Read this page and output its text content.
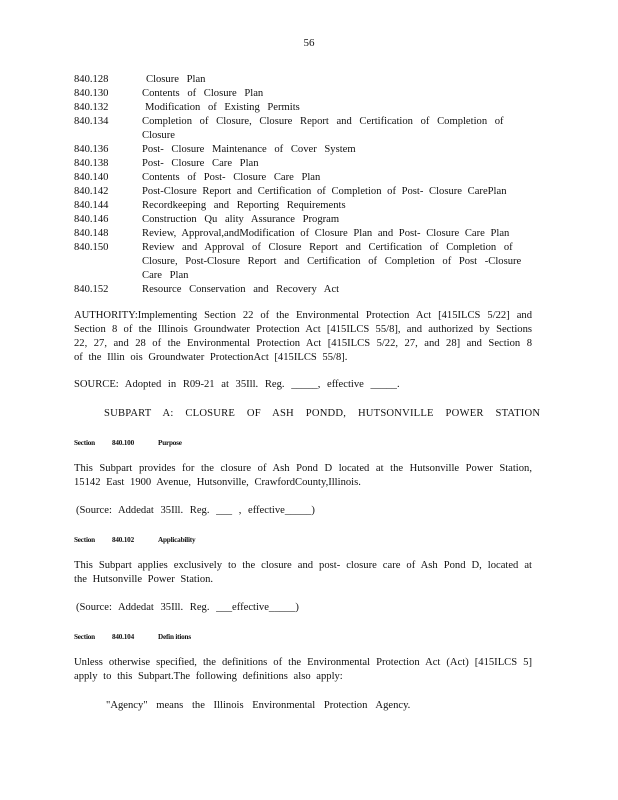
56
840.128	Closure Plan
840.130	Contents of Closure Plan
840.132	Modification of Existing Permits
840.134	Completion of Closure, Closure Report and Certification of Completion of Closure
840.136	Post- Closure Maintenance of Cover System
840.138	Post- Closure Care Plan
840.140	Contents of Post- Closure Care Plan
840.142	Post-Closure Report and Certification of Completion of Post- Closure CarePlan
840.144	Recordkeeping and Reporting Requirements
840.146	Construction Qu ality Assurance Program
840.148	Review, Approval,andModification of Closure Plan and Post- Closure Care Plan
840.150	Review and Approval of Closure Report and Certification of Completion of Closure, Post-Closure Report and Certification of Completion of Post -Closure Care Plan
840.152	Resource Conservation and Recovery Act
AUTHORITY:Implementing Section 22 of the Environmental Protection Act [415ILCS 5/22] and Section 8 of the Illinois Groundwater Protection Act [415ILCS 55/8], and authorized by Sections 22, 27, and 28 of the Environmental Protection Act [415ILCS 5/22, 27, and 28] and Section 8 of the Illin ois Groundwater ProtectionAct [415ILCS 55/8].
SOURCE: Adopted in R09-21 at 35Ill. Reg. _____, effective _____.
SUBPART A: CLOSURE OF ASH PONDD, HUTSONVILLE POWER STATION
Section 840.100	Purpose
This Subpart provides for the closure of Ash Pond D located at the Hutsonville Power Station, 15142 East 1900 Avenue, Hutsonville, CrawfordCounty,Illinois.
(Source: Addedat 35Ill. Reg. ___ , effective_____)
Section 840.102	Applicability
This Subpart applies exclusively to the closure and post- closure care of Ash Pond D, located at the Hutsonville Power Station.
(Source: Addedat 35Ill. Reg. ___effective_____)
Section 840.104	Defin itions
Unless otherwise specified, the definitions of the Environmental Protection Act (Act) [415ILCS 5] apply to this Subpart.The following definitions also apply:
"Agency" means the Illinois Environmental Protection Agency.
